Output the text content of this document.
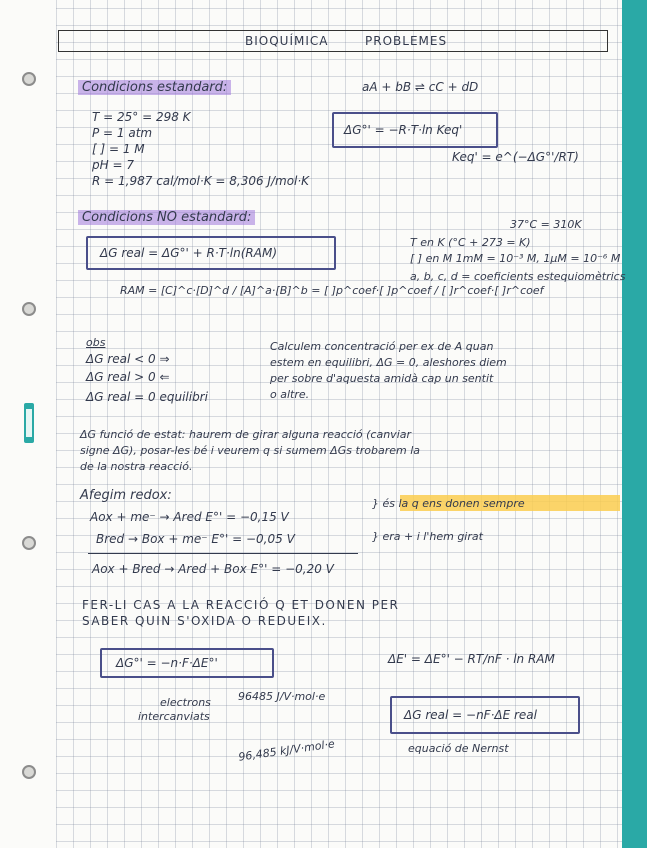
BIOQUÍMICA	PROBLEMES
Condicions estandard:	aA + bB ⇌ cC + dD
T = 25° = 298 K
P = 1 atm
[ ] = 1 M
pH = 7
R = 1,987 cal/mol·K = 8,306 J/mol·K
ΔG°' = −R·T·ln Keq'
Keq' = e^(−ΔG°'/RT)
Condicions NO estandard:	37°C = 310K
ΔG real = ΔG°' + R·T·ln(RAM)
T en K (°C + 273 = K)
[ ] en M 1mM = 10⁻³ M, 1μM = 10⁻⁶ M
a, b, c, d = coeficients estequiomètrics
RAM = [C]^c·[D]^d / [A]^a·[B]^b = [ ]p^coef·[ ]p^coef / [ ]r^coef·[ ]r^coef
obs
ΔG real < 0 ⇒
ΔG real > 0 ⇐
ΔG real = 0 equilibri
Calculem concentració per ex de A quan
estem en equilibri, ΔG = 0, aleshores diem
per sobre d'aquesta amidà cap un sentit
o altre.
ΔG funció de estat: haurem de girar alguna reacció (canviar
signe ΔG), posar-les bé i veurem q si sumem ΔGs trobarem la
de la nostra reacció.
Afegim redox:
Aox + me⁻ → Ared E°' = −0,15 V
} és la q ens donen sempre
Bred → Box + me⁻ E°' = −0,05 V	} era + i l'hem girat
Aox + Bred → Ared + Box E°' = −0,20 V
FER-LI CAS A LA REACCIÓ Q ET DONEN PER
SABER QUIN S'OXIDA O REDUEIX.
ΔG°' = −n·F·ΔE°'	ΔE' = ΔE°' − RT/nF · ln RAM
electrons
intercanviats
96485 J/V·mol·e
96,485 kJ/V·mol·e
ΔG real = −nF·ΔE real
equació de Nernst
